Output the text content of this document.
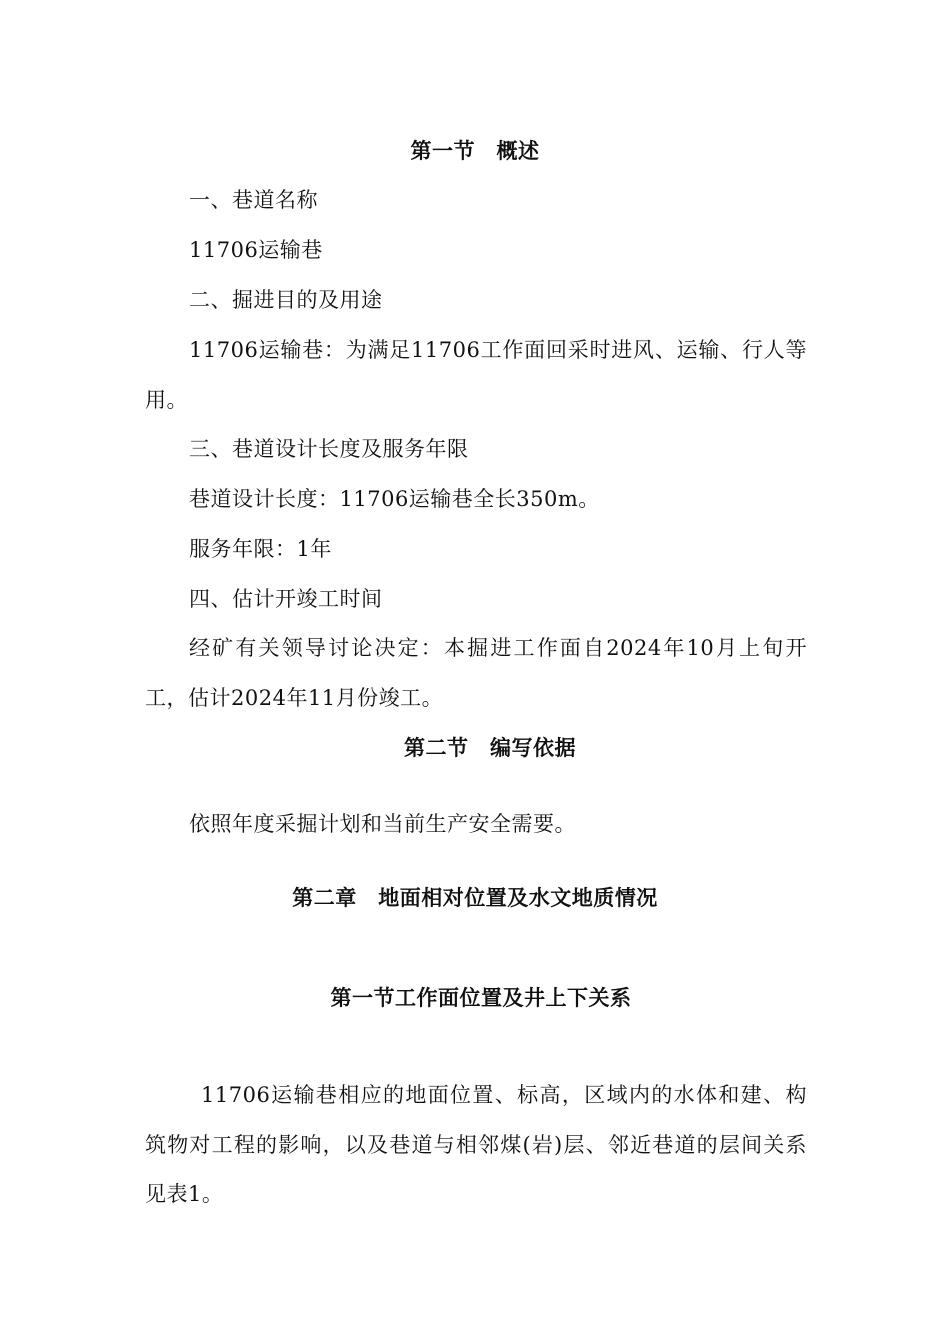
第一节　概述
一、巷道名称
11706运输巷
二、掘进目的及用途
11706运输巷：为满足11706工作面回采时进风、运输、行人等用。
三、巷道设计长度及服务年限
巷道设计长度：11706运输巷全长350m。
服务年限：1年
四、估计开竣工时间
经矿有关领导讨论决定：本掘进工作面自2024年10月上旬开工，估计2024年11月份竣工。
第二节　编写依据
依照年度采掘计划和当前生产安全需要。
第二章　地面相对位置及水文地质情况
第一节工作面位置及井上下关系
11706运输巷相应的地面位置、标高，区域内的水体和建、构筑物对工程的影响，以及巷道与相邻煤(岩)层、邻近巷道的层间关系见表1。
